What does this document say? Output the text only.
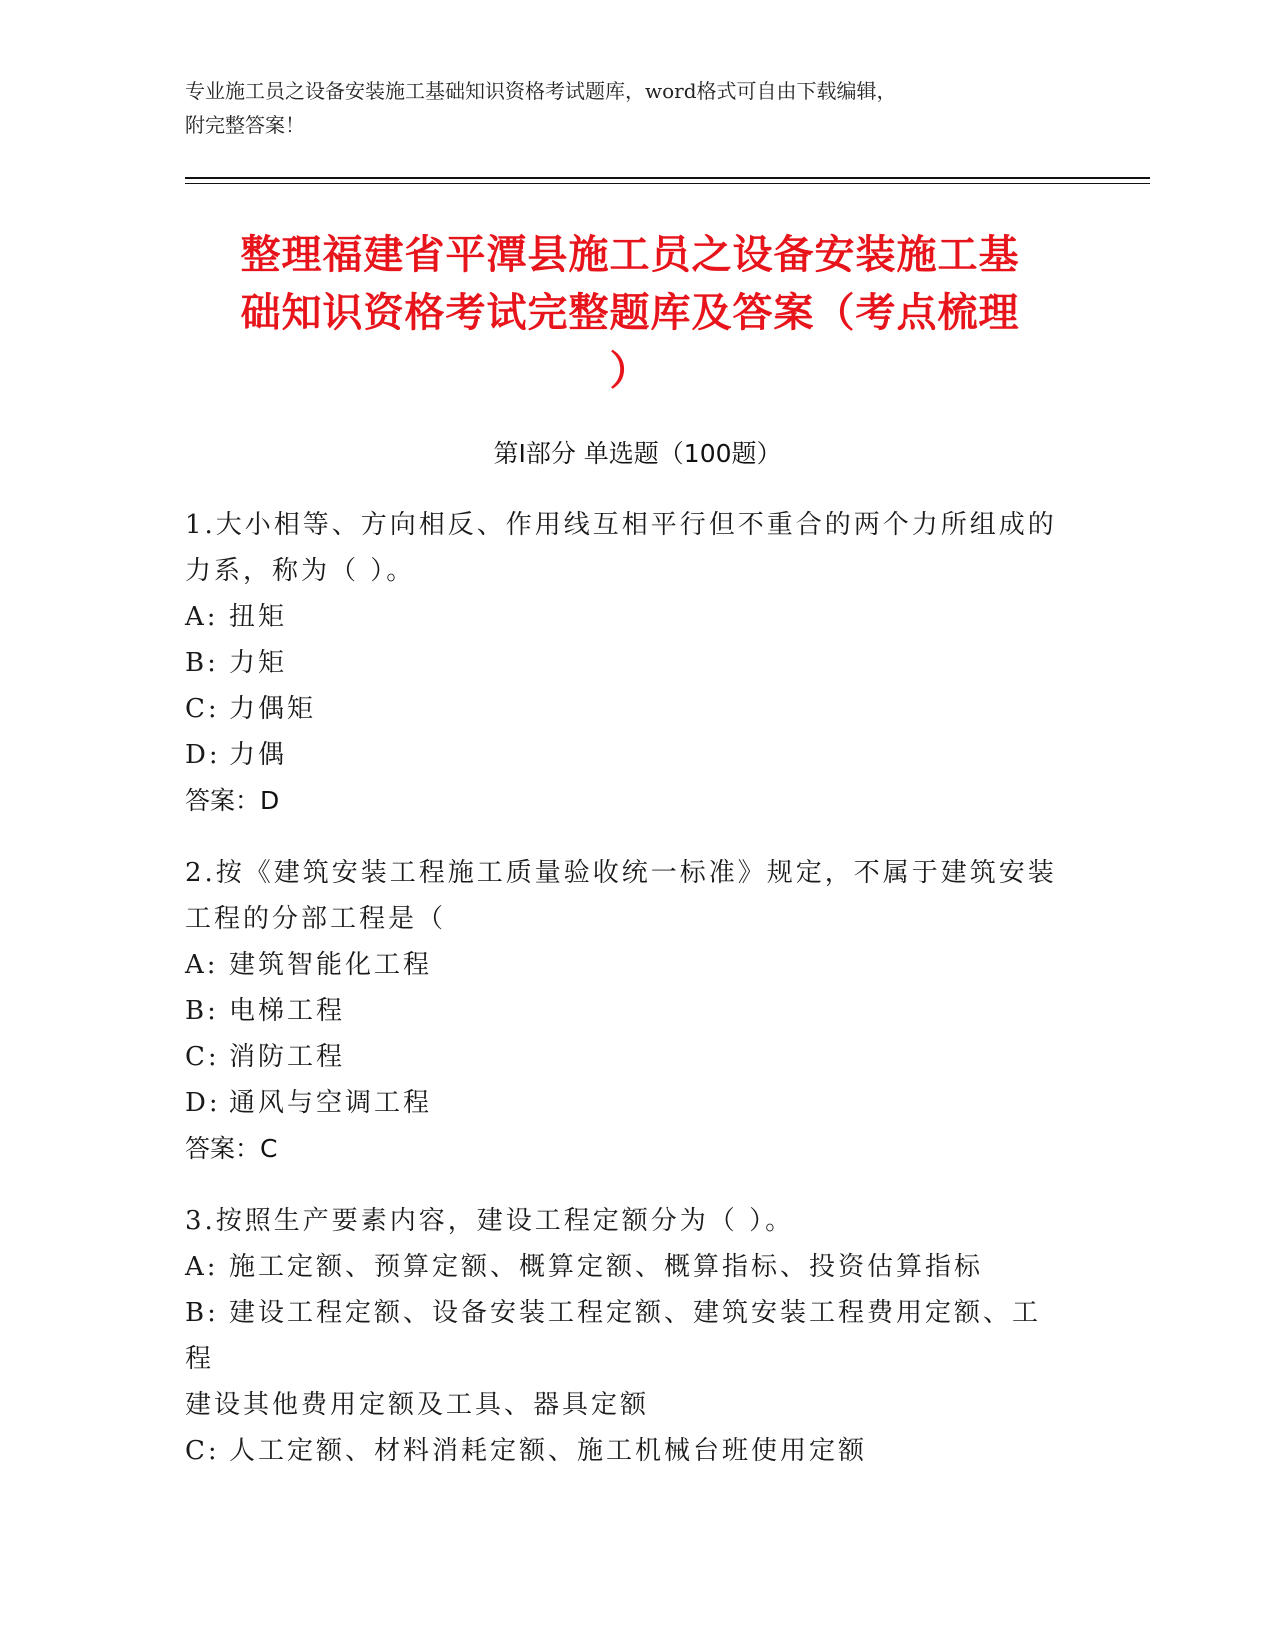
专业施工员之设备安装施工基础知识资格考试题库，word格式可自由下载编辑，
附完整答案！
整理福建省平潭县施工员之设备安装施工基
础知识资格考试完整题库及答案（考点梳理
）
第Ⅰ部分 单选题（100题）
1.大小相等、方向相反、作用线互相平行但不重合的两个力所组成的
力系，称为（ ）。
A: 扭矩
B: 力矩
C: 力偶矩
D: 力偶
答案：D
2.按《建筑安装工程施工质量验收统一标准》规定，不属于建筑安装
工程的分部工程是（
A: 建筑智能化工程
B: 电梯工程
C: 消防工程
D: 通风与空调工程
答案：C
3.按照生产要素内容，建设工程定额分为（ ）。
A: 施工定额、预算定额、概算定额、概算指标、投资估算指标
B: 建设工程定额、设备安装工程定额、建筑安装工程费用定额、工程
建设其他费用定额及工具、器具定额
C: 人工定额、材料消耗定额、施工机械台班使用定额
